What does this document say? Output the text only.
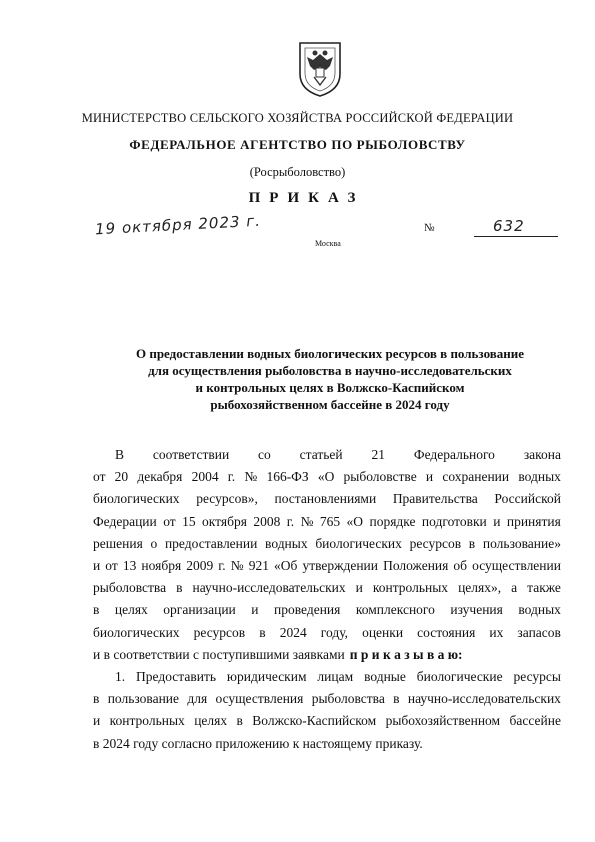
МИНИСТЕРСТВО СЕЛЬСКОГО ХОЗЯЙСТВА РОССИЙСКОЙ ФЕДЕРАЦИИ
ФЕДЕРАЛЬНОЕ АГЕНТСТВО ПО РЫБОЛОВСТВУ
(Росрыболовство)
ПРИКАЗ
19 октября 2023 г.	№	632
Москва
О предоставлении водных биологических ресурсов в пользование
для осуществления рыболовства в научно-исследовательских
и контрольных целях в Волжско-Каспийском
рыбохозяйственном бассейне в 2024 году
В соответствии со статьей 21 Федерального закона
от 20 декабря 2004 г. № 166-ФЗ «О рыболовстве и сохранении водных
биологических ресурсов», постановлениями Правительства Российской
Федерации от 15 октября 2008 г. № 765 «О порядке подготовки и принятия
решения о предоставлении водных биологических ресурсов в пользование»
и от 13 ноября 2009 г. № 921 «Об утверждении Положения об осуществлении
рыболовства в научно-исследовательских и контрольных целях», а также
в целях организации и проведения комплексного изучения водных
биологических ресурсов в 2024 году, оценки состояния их запасов
и в соответствии с поступившими заявками п р и к а з ы в а ю:
1. Предоставить юридическим лицам водные биологические ресурсы
в пользование для осуществления рыболовства в научно-исследовательских
и контрольных целях в Волжско-Каспийском рыбохозяйственном бассейне
в 2024 году согласно приложению к настоящему приказу.
